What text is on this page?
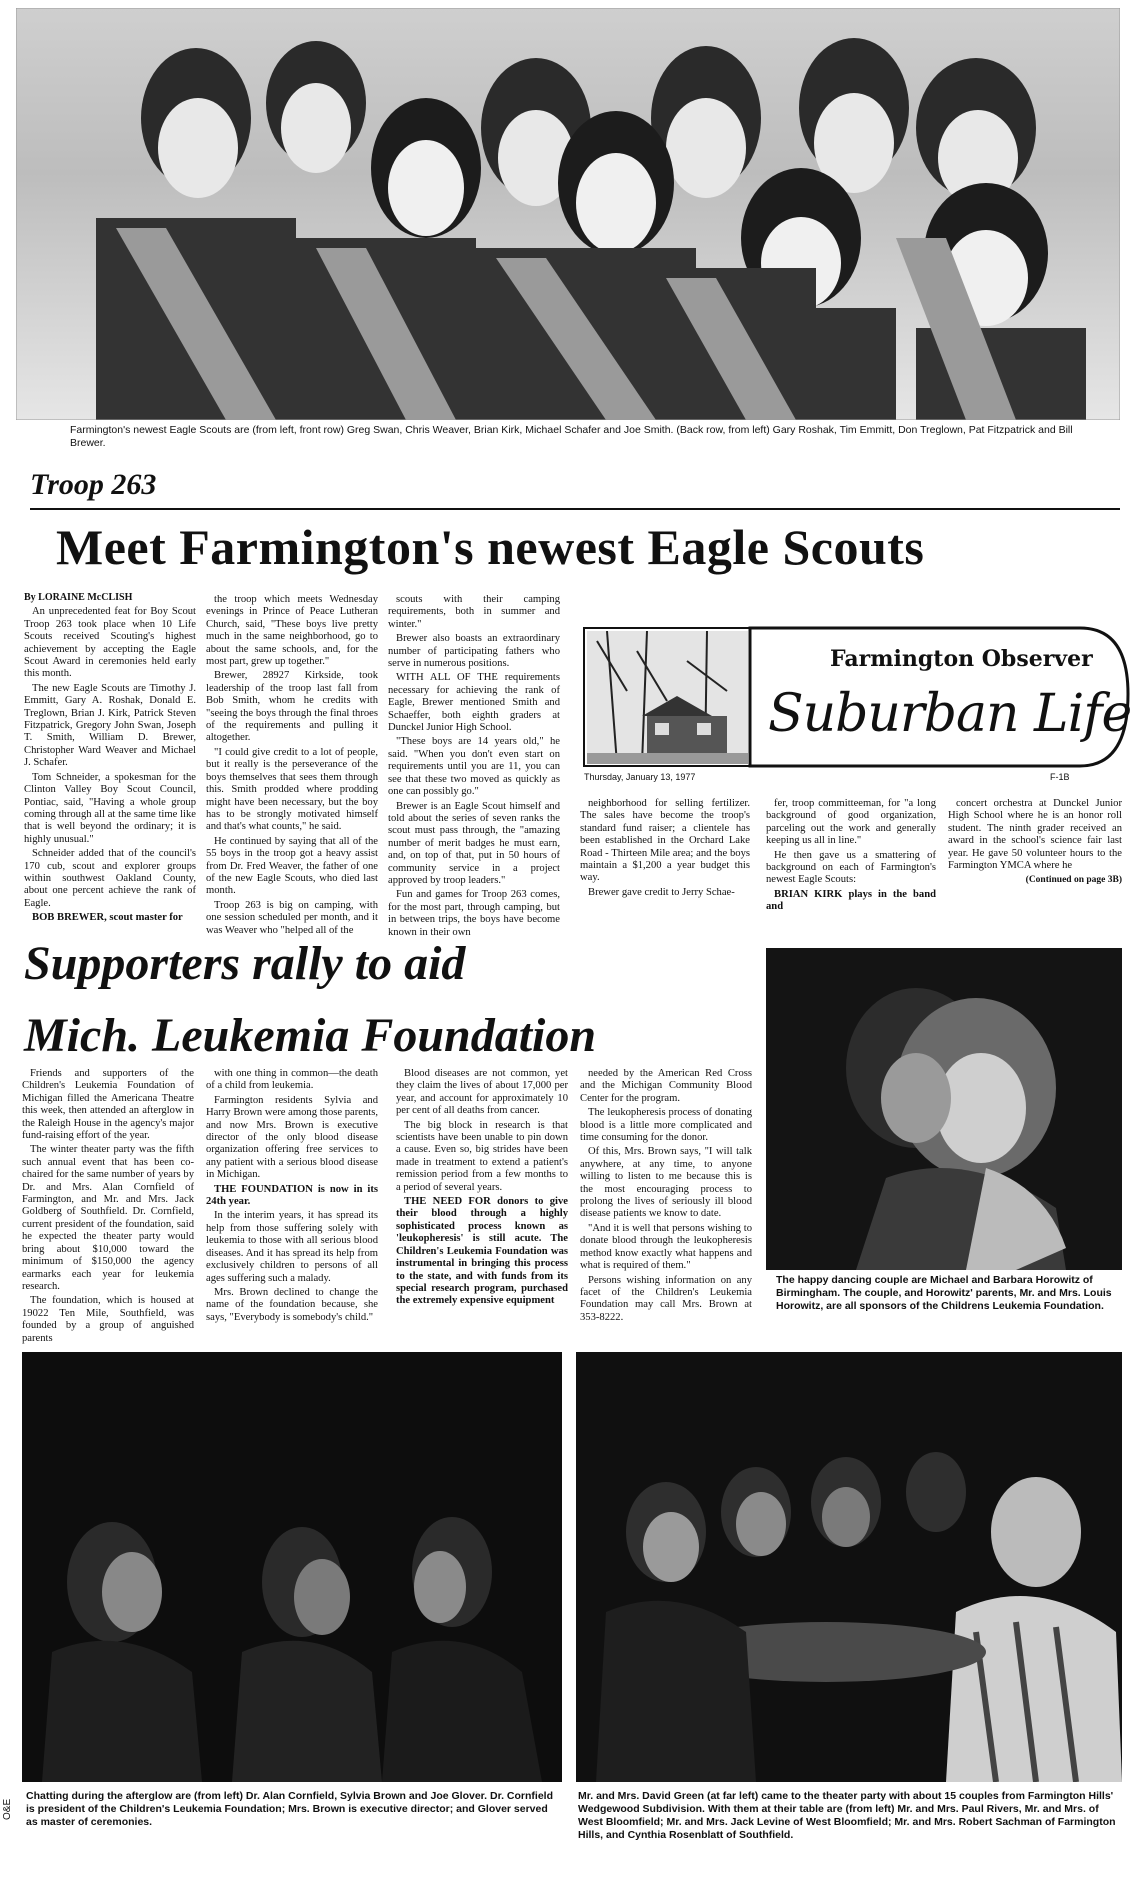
Farmington's newest Eagle Scouts are (from left, front row) Greg Swan, Chris Weaver, Brian Kirk, Michael Schafer and Joe Smith. (Back row, from left) Gary Roshak, Tim Emmitt, Don Treglown, Pat Fitzpatrick and Bill Brewer.
Troop 263
Meet Farmington's newest Eagle Scouts

By LORAINE McCLISH

An unprecedented feat for Boy Scout Troop 263 took place when 10 Life Scouts received Scouting's highest achievement by accepting the Eagle Scout Award in ceremonies held early this month.

The new Eagle Scouts are Timothy J. Emmitt, Gary A. Roshak, Donald E. Treglown, Brian J. Kirk, Patrick Steven Fitzpatrick, Gregory John Swan, Joseph T. Smith, William D. Brewer, Christopher Ward Weaver and Michael J. Schafer.

Tom Schneider, a spokesman for the Clinton Valley Boy Scout Council, Pontiac, said, "Having a whole group coming through all at the same time like that is well beyond the ordinary; it is highly unusual."

Schneider added that of the council's 170 cub, scout and explorer groups within southwest Oakland County, about one percent achieve the rank of Eagle.

BOB BREWER, scout master for

the troop which meets Wednesday evenings in Prince of Peace Lutheran Church, said, "These boys live pretty much in the same neighborhood, go to about the same schools, and, for the most part, grew up together."

Brewer, 28927 Kirkside, took leadership of the troop last fall from Bob Smith, whom he credits with "seeing the boys through the final throes of the requirements and pulling it altogether.

"I could give credit to a lot of people, but it really is the perseverance of the boys themselves that sees them through this. Smith prodded where prodding might have been necessary, but the boy has to be strongly motivated himself and that's what counts," he said.

He continued by saying that all of the 55 boys in the troop got a heavy assist from Dr. Fred Weaver, the father of one of the new Eagle Scouts, who died last month.

Troop 263 is big on camping, with one session scheduled per month, and it was Weaver who "helped all of the

scouts with their camping requirements, both in summer and winter."

Brewer also boasts an extraordinary number of participating fathers who serve in numerous positions.

WITH ALL OF THE requirements necessary for achieving the rank of Eagle, Brewer mentioned Smith and Schaeffer, both eighth graders at Dunckel Junior High School.

"These boys are 14 years old," he said. "When you don't even start on requirements until you are 11, you can see that these two moved as quickly as one can possibly go."

Brewer is an Eagle Scout himself and told about the series of seven ranks the scout must pass through, the "amazing number of merit badges he must earn, and, on top of that, put in 50 hours of community service in a project approved by troop leaders."

Fun and games for Troop 263 comes, for the most part, through camping, but in between trips, the boys have become known in their own

Farmington Observer
Suburban Life
Thursday, January 13, 1977	F-1B

neighborhood for selling fertilizer. The sales have become the troop's standard fund raiser; a clientele has been established in the Orchard Lake Road - Thirteen Mile area; and the boys maintain a $1,200 a year budget this way.

Brewer gave credit to Jerry Schae-

fer, troop committeeman, for "a long background of good organization, parceling out the work and generally keeping us all in line."

He then gave us a smattering of background on each of Farmington's newest Eagle Scouts:

BRIAN KIRK plays in the band and

concert orchestra at Dunckel Junior High School where he is an honor roll student. The ninth grader received an award in the school's science fair last year. He gave 50 volunteer hours to the Farmington YMCA where he

(Continued on page 3B)

Supporters rally to aid
Mich. Leukemia Foundation

Friends and supporters of the Children's Leukemia Foundation of Michigan filled the Americana Theatre this week, then attended an afterglow in the Raleigh House in the agency's major fund-raising effort of the year.

The winter theater party was the fifth such annual event that has been co-chaired for the same number of years by Dr. and Mrs. Alan Cornfield of Farmington, and Mr. and Mrs. Jack Goldberg of Southfield. Dr. Cornfield, current president of the foundation, said he expected the theater party would bring about $10,000 toward the minimum of $150,000 the agency earmarks each year for leukemia research.

The foundation, which is housed at 19022 Ten Mile, Southfield, was founded by a group of anguished parents

with one thing in common—the death of a child from leukemia.

Farmington residents Sylvia and Harry Brown were among those parents, and now Mrs. Brown is executive director of the only blood disease organization offering free services to any patient with a serious blood disease in Michigan.

THE FOUNDATION is now in its 24th year.

In the interim years, it has spread its help from those suffering solely with leukemia to those with all serious blood diseases. And it has spread its help from exclusively children to persons of all ages suffering such a malady.

Mrs. Brown declined to change the name of the foundation because, she says, "Everybody is somebody's child."

Blood diseases are not common, yet they claim the lives of about 17,000 per year, and account for approximately 10 per cent of all deaths from cancer.

The big block in research is that scientists have been unable to pin down a cause. Even so, big strides have been made in treatment to extend a patient's remission period from a few months to a period of several years.

THE NEED FOR donors to give their blood through a highly sophisticated process known as 'leukopheresis' is still acute. The Children's Leukemia Foundation was instrumental in bringing this process to the state, and with funds from its special research program, purchased the extremely expensive equipment

needed by the American Red Cross and the Michigan Community Blood Center for the program.

The leukopheresis process of donating blood is a little more complicated and time consuming for the donor.

Of this, Mrs. Brown says, "I will talk anywhere, at any time, to anyone willing to listen to me because this is the most encouraging process to prolong the lives of seriously ill blood disease patients we know to date.

"And it is well that persons wishing to donate blood through the leukopheresis method know exactly what happens and what is required of them."

Persons wishing information on any facet of the Children's Leukemia Foundation may call Mrs. Brown at 353-8222.

The happy dancing couple are Michael and Barbara Horowitz of Birmingham. The couple, and Horowitz' parents, Mr. and Mrs. Louis Horowitz, are all sponsors of the Childrens Leukemia Foundation.
Chatting during the afterglow are (from left) Dr. Alan Cornfield, Sylvia Brown and Joe Glover. Dr. Cornfield is president of the Children's Leukemia Foundation; Mrs. Brown is executive director; and Glover served as master of ceremonies.
Mr. and Mrs. David Green (at far left) came to the theater party with about 15 couples from Farmington Hills' Wedgewood Subdivision. With them at their table are (from left) Mr. and Mrs. Paul Rivers, Mr. and Mrs. of West Bloomfield; Mr. and Mrs. Jack Levine of West Bloomfield; Mr. and Mrs. Robert Sachman of Farmington Hills, and Cynthia Rosenblatt of Southfield.
O&E
